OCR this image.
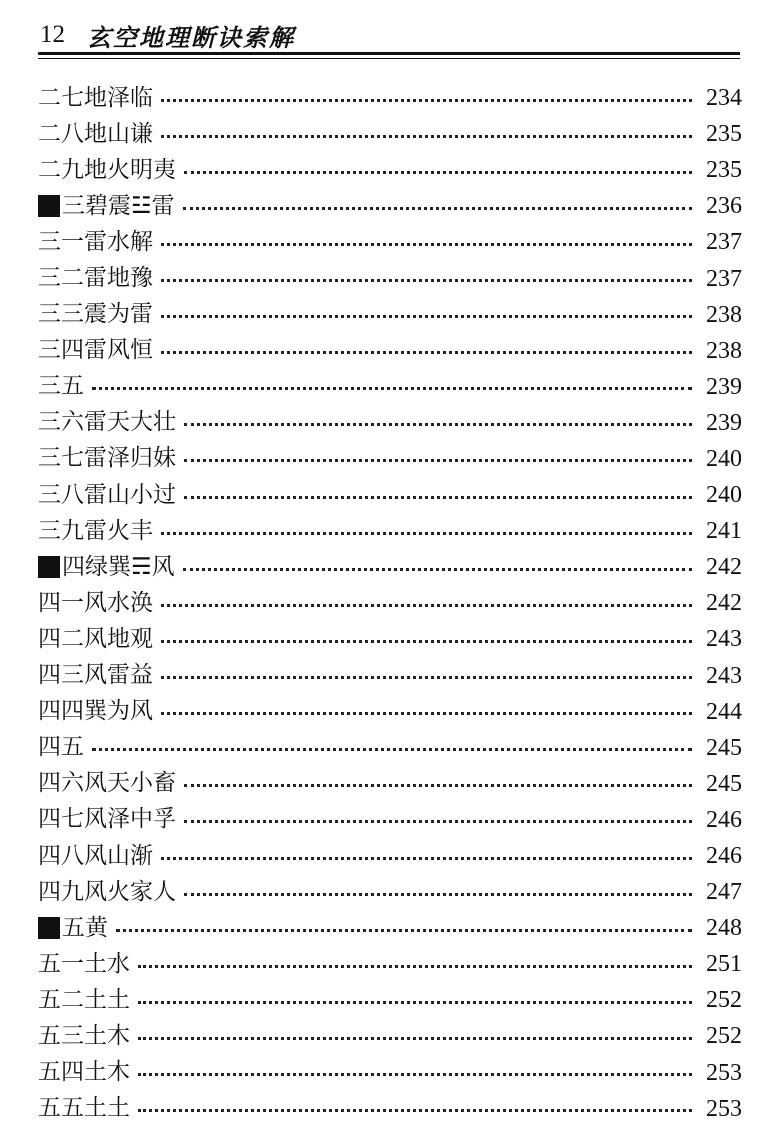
12 玄空地理断诀索解
二七地泽临	234
二八地山谦	235
二九地火明夷	235
三碧震☳雷	236
三一雷水解	237
三二雷地豫	237
三三震为雷	238
三四雷风恒	238
三五	239
三六雷天大壮	239
三七雷泽归妹	240
三八雷山小过	240
三九雷火丰	241
四绿巽☴风	242
四一风水涣	242
四二风地观	243
四三风雷益	243
四四巽为风	244
四五	245
四六风天小畜	245
四七风泽中孚	246
四八风山渐	246
四九风火家人	247
五黄	248
五一土水	251
五二土土	252
五三土木	252
五四土木	253
五五土土	253
